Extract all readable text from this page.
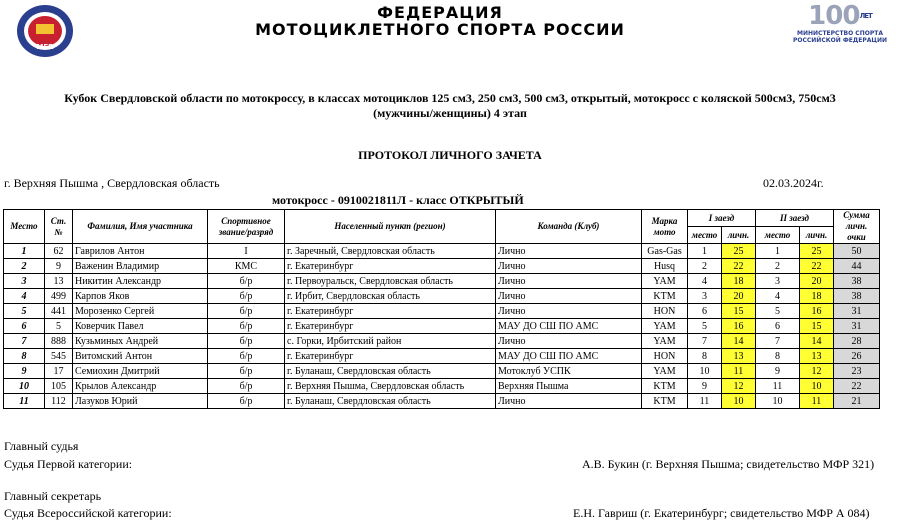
MFR
ФЕДЕРАЦИЯ
МОТОЦИКЛЕТНОГО СПОРТА РОССИИ	$100^{ЛЕТ}$
МИНИСТЕРСТВО СПОРТА
РОССИЙСКОЙ ФЕДЕРАЦИИ
Кубок Свердловской области по мотокроссу, в классах мотоциклов 125 см3, 250 см3, 500 см3, открытый, мотокросс с коляской 500см3, 750см3
(мужчины/женщины) 4 этап
ПРОТОКОЛ ЛИЧНОГО ЗАЧЕТА
г. Верхняя Пышма , Свердловская область	02.03.2024г.
мотокросс - 0910021811Л - класс ОТКРЫТЫЙ
Место	Ст. №	Фамилия, Имя участника	Спортивное звание/разряд	Населенный пункт (регион)	Команда (Клуб)	Марка мото	I заезд		II заезд		Сумма личн. очки
							место	личн.	место	личн.	
1	62	Гаврилов Антон	I	г. Заречный, Свердловская область	Лично	Gas-Gas	1	25	1	25	50
2	9	Важенин Владимир	КМС	г. Екатеринбург	Лично	Husq	2	22	2	22	44
3	13	Никитин Александр	б/р	г. Первоуральск, Свердловская область	Лично	YAM	4	18	3	20	38
4	499	Карпов Яков	б/р	г. Ирбит, Свердловская область	Лично	KTM	3	20	4	18	38
5	441	Морозенко Сергей	б/р	г. Екатеринбург	Лично	HON	6	15	5	16	31
6	5	Коверчик Павел	б/р	г. Екатеринбург	МАУ ДО СШ ПО АМС	YAM	5	16	6	15	31
7	888	Кузьминых Андрей	б/р	с. Горки, Ирбитский район	Лично	YAM	7	14	7	14	28
8	545	Витомский Антон	б/р	г. Екатеринбург	МАУ ДО СШ ПО АМС	HON	8	13	8	13	26
9	17	Семиохин Дмитрий	б/р	г. Буланаш, Свердловская область	Мотоклуб УСПК	YAM	10	11	9	12	23
10	105	Крылов Александр	б/р	г. Верхняя Пышма, Свердловская область	Верхняя Пышма	KTM	9	12	11	10	22
11	112	Лазуков Юрий	б/р	г. Буланаш, Свердловская область	Лично	KTM	11	10	10	11	21
Главный судья
Судья Первой категории:	А.В. Букин (г. Верхняя Пышма; свидетельство МФР 321)
Главный секретарь
Судья Всероссийской категории:	Е.Н. Гавриш (г. Екатеринбург; свидетельство МФР А 084)
